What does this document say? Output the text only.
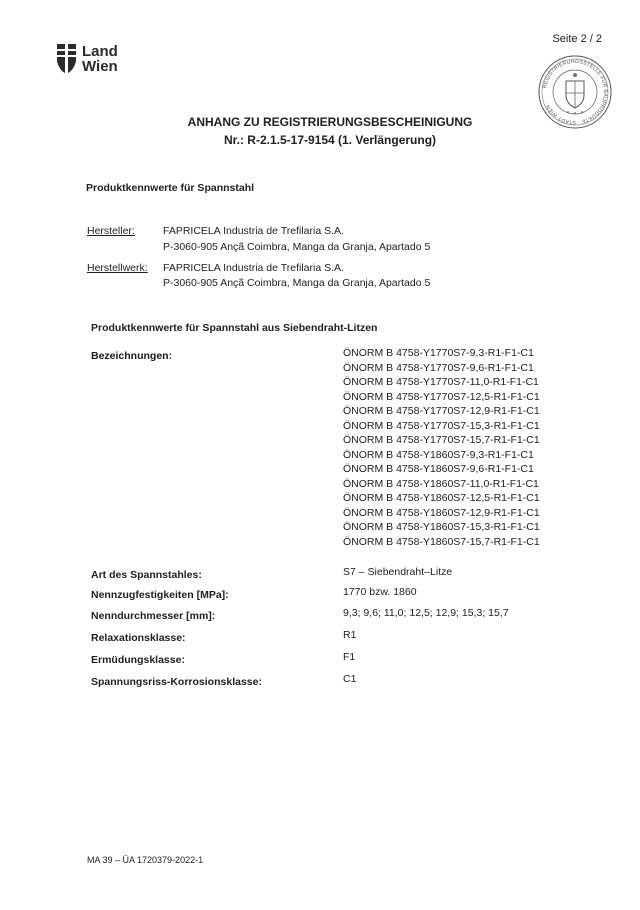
Land
Wien
Seite 2 / 2
REGISTRIERUNGSSTELLE FÜR BAUPRODUKTE · STADT WIEN ·
ANHANG ZU REGISTRIERUNGSBESCHEINIGUNG
Nr.: R-2.1.5-17-9154 (1. Verlängerung)
Produktkennwerte für Spannstahl
Hersteller:	FAPRICELA Industria de Trefilaria S.A.
P-3060-905 Ançã Coimbra, Manga da Granja, Apartado 5
Herstellwerk: FAPRICELA Industria de Trefilaria S.A.
P-3060-905 Ançã Coimbra, Manga da Granja, Apartado 5
Produktkennwerte für Spannstahl aus Siebendraht-Litzen
Bezeichnungen:	ÖNORM B 4758-Y1770S7-9,3-R1-F1-C1
ÖNORM B 4758-Y1770S7-9,6-R1-F1-C1
ÖNORM B 4758-Y1770S7-11,0-R1-F1-C1
ÖNORM B 4758-Y1770S7-12,5-R1-F1-C1
ÖNORM B 4758-Y1770S7-12,9-R1-F1-C1
ÖNORM B 4758-Y1770S7-15,3-R1-F1-C1
ÖNORM B 4758-Y1770S7-15,7-R1-F1-C1
ÖNORM B 4758-Y1860S7-9,3-R1-F1-C1
ÖNORM B 4758-Y1860S7-9,6-R1-F1-C1
ÖNORM B 4758-Y1860S7-11,0-R1-F1-C1
ÖNORM B 4758-Y1860S7-12,5-R1-F1-C1
ÖNORM B 4758-Y1860S7-12,9-R1-F1-C1
ÖNORM B 4758-Y1860S7-15,3-R1-F1-C1
ÖNORM B 4758-Y1860S7-15,7-R1-F1-C1
Art des Spannstahles:	S7 – Siebendraht–Litze
Nennzugfestigkeiten [MPa]:	1770 bzw. 1860
Nenndurchmesser [mm]:	9,3; 9,6; 11,0; 12,5; 12,9; 15,3; 15,7
Relaxationsklasse:	R1
Ermüdungsklasse:	F1
Spannungsriss-Korrosionsklasse:	C1
MA 39 – ÜA 1720379-2022-1
